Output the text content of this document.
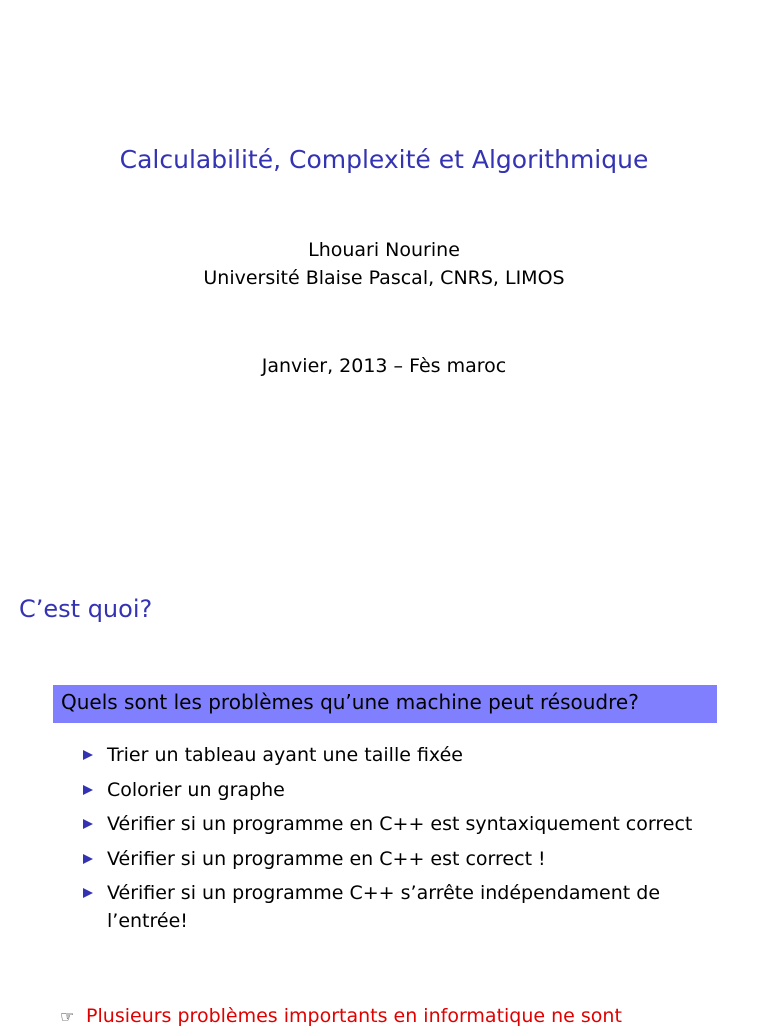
Calculabilité, Complexité et Algorithmique
Lhouari Nourine
Université Blaise Pascal, CNRS, LIMOS
Janvier, 2013 – Fès maroc
C’est quoi?
Quels sont les problèmes qu’une machine peut résoudre?
Trier un tableau ayant une taille fixée
Colorier un graphe
Vérifier si un programme en C++ est syntaxiquement correct
Vérifier si un programme en C++ est correct !
Vérifier si un programme C++ s’arrête indépendament de l’entrée!
☞ Plusieurs problèmes importants en informatique ne sont
